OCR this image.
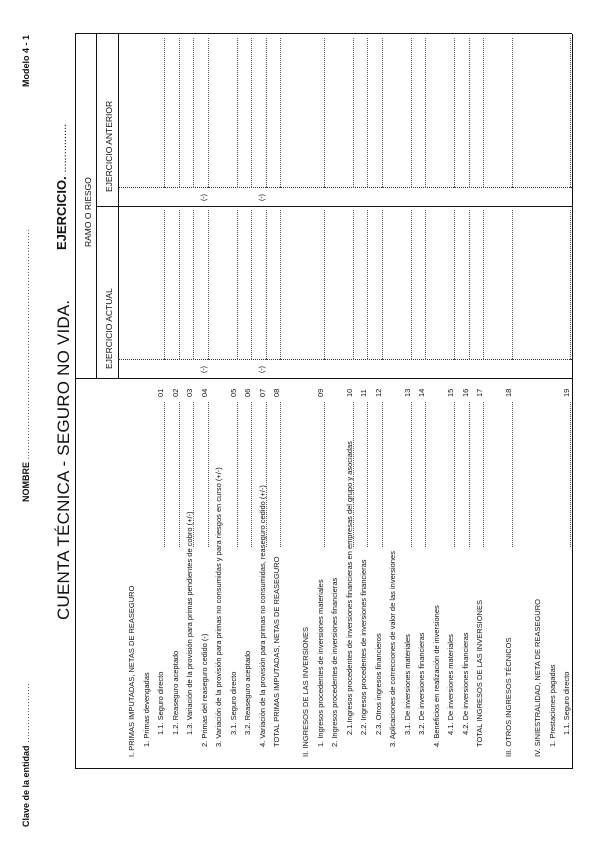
Clave de la entidad ....................
NOMBRE .............................................................................
Modelo 4 - 1
CUENTA TÉCNICA - SEGURO NO VIDA.
EJERCICIO. ................
RAMO O RIESGO
EJERCICIO ACTUAL
EJERCICIO ANTERIOR
I. PRIMAS IMPUTADAS, NETAS DE REASEGURO 1. Primas devengadas 1.1. Seguro directo
01
1.2. Reaseguro aceptado
02
1.3. Variación de la provisión para primas pendientes de cobro (+/-)
03
2. Primas del reaseguro cedido (-)
04
(-)
(-)
3. Variación de la provisión para primas no consumidas y para riesgos en curso (+/-) 3.1. Seguro directo
05
3.2. Reaseguro aceptado
06
4. Variación de la provisión para primas no consumidas, reaseguro cedido (+/-)
07
(-)
(-)
TOTAL PRIMAS IMPUTADAS, NETAS DE REASEGURO
08
II. INGRESOS DE LAS INVERSIONES 1. Ingresos procedentes de inversiones materiales
09
2. Ingresos procedentes de inversiones financieras 2.1.Ingresos procedentes de inversiones financieras en empresas del grupo y asociadas
10
2.2. Ingresos procedentes de inversiones financieras
11
2.3. Otros ingresos financieros
12
3. Aplicaciones de correcciones de valor de las inversiones 3.1. De inversiones materiales
13
3.2. De inversiones financieras
14
4. Beneficios en realización de inversiones 4.1. De inversiones materiales
15
4.2. De inversiones financieras
16
TOTAL INGRESOS DE LAS INVERSIONES
17
III. OTROS INGRESOS TÉCNICOS
18
IV. SINIESTRALIDAD, NETA DE REASEGURO 1. Prestaciones pagadas 1.1. Seguro directo
19
